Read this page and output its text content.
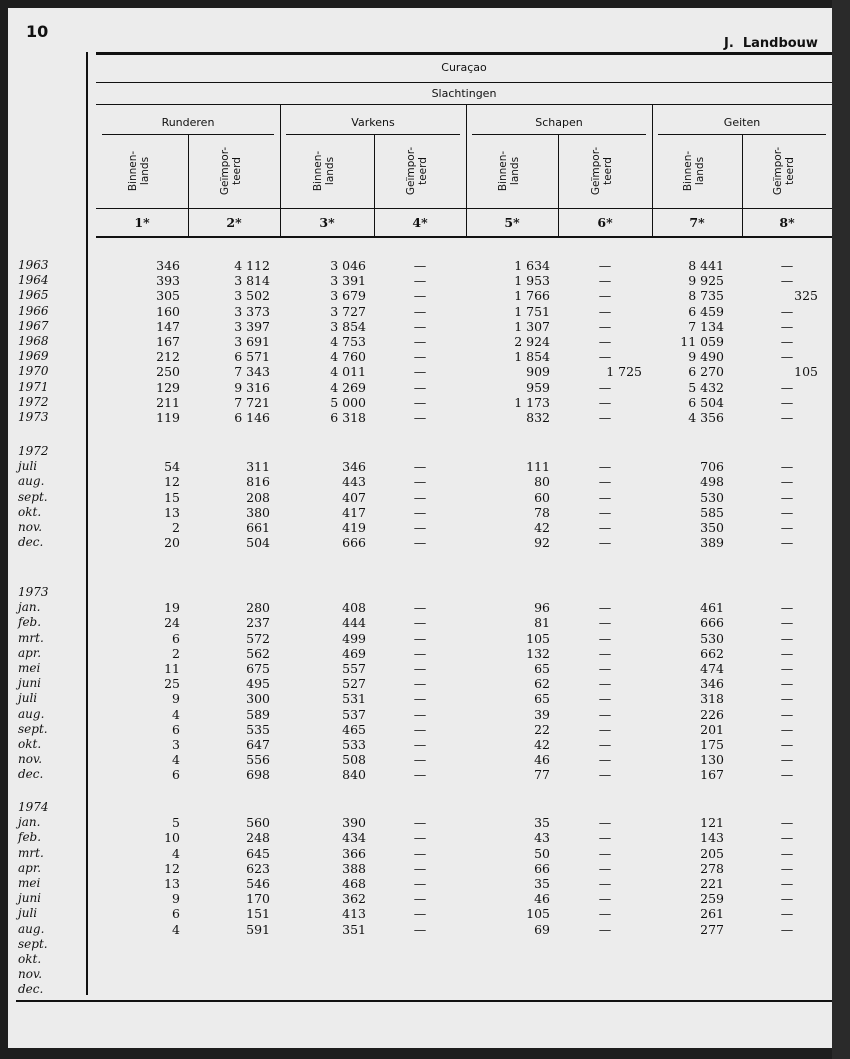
10
J.  Landbouw
Curaçao
Slachtingen
Runderen	Varkens	Schapen	Geiten
Binnen-
lands	Geïmpor-
teerd	Binnen-
lands	Geïmpor-
teerd	Binnen-
lands	Geïmpor-
teerd	Binnen-
lands	Geïmpor-
teerd
1*	2*	3*	4*	5*	6*	7*	8*
1963	346	4 112	3 046	—	1 634	—	8 441	—
1964	393	3 814	3 391	—	1 953	—	9 925	—
1965	305	3 502	3 679	—	1 766	—	8 735	325
1966	160	3 373	3 727	—	1 751	—	6 459	—
1967	147	3 397	3 854	—	1 307	—	7 134	—
1968	167	3 691	4 753	—	2 924	—	11 059	—
1969	212	6 571	4 760	—	1 854	—	9 490	—
1970	250	7 343	4 011	—	909	1 725	6 270	105
1971	129	9 316	4 269	—	959	—	5 432	—
1972	211	7 721	5 000	—	1 173	—	6 504	—
1973	119	6 146	6 318	—	832	—	4 356	—
1972
juli	54	311	346	—	111	—	706	—
aug.	12	816	443	—	80	—	498	—
sept.	15	208	407	—	60	—	530	—
okt.	13	380	417	—	78	—	585	—
nov.	2	661	419	—	42	—	350	—
dec.	20	504	666	—	92	—	389	—
1973
jan.	19	280	408	—	96	—	461	—
feb.	24	237	444	—	81	—	666	—
mrt.	6	572	499	—	105	—	530	—
apr.	2	562	469	—	132	—	662	—
mei	11	675	557	—	65	—	474	—
juni	25	495	527	—	62	—	346	—
juli	9	300	531	—	65	—	318	—
aug.	4	589	537	—	39	—	226	—
sept.	6	535	465	—	22	—	201	—
okt.	3	647	533	—	42	—	175	—
nov.	4	556	508	—	46	—	130	—
dec.	6	698	840	—	77	—	167	—
1974
jan.	5	560	390	—	35	—	121	—
feb.	10	248	434	—	43	—	143	—
mrt.	4	645	366	—	50	—	205	—
apr.	12	623	388	—	66	—	278	—
mei	13	546	468	—	35	—	221	—
juni	9	170	362	—	46	—	259	—
juli	6	151	413	—	105	—	261	—
aug.	4	591	351	—	69	—	277	—
sept.
okt.
nov.
dec.
